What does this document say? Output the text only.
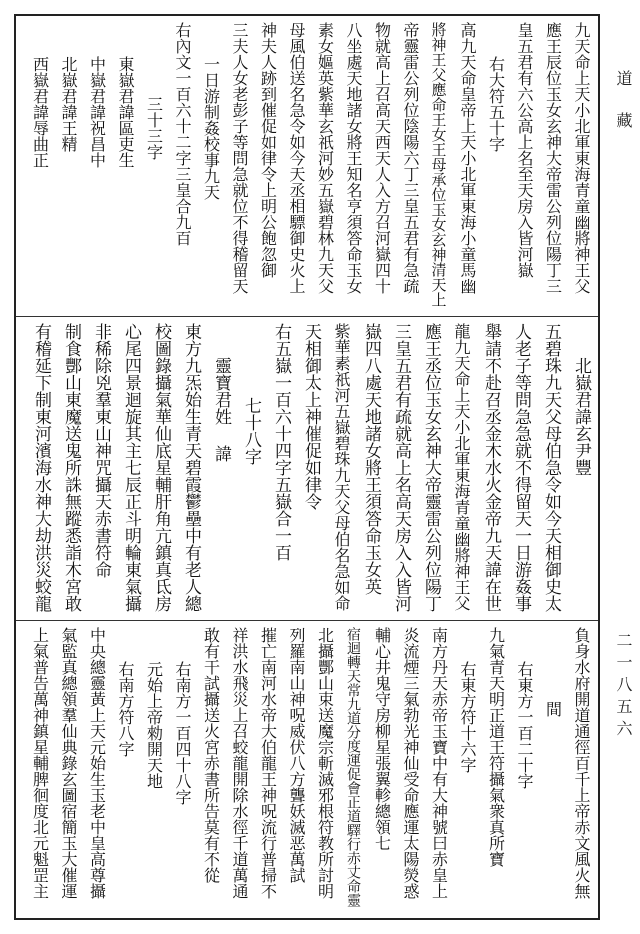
九天命上天小北軍東海青童幽將神王父
應王辰位玉女玄神大帝雷公列位陽丁三
皇五君有六公高上名至天房入皆河嶽
右大符五十字
高九天命皇帝上天小北軍東海小童馬幽
將神王父應命王女王母承位玉女玄神清天上
帝靈雷公列位陰陽六丁三皇五君有急疏
物就高上召高天西天人入方召河嶽四十
八坐處天地諸女將王知名亨須答命玉女
素女嫗英紫華玄祇河妙五嶽碧林九天父
母風伯送名急令如今天丞相驃御史火上
神夫人跡到催促如律令上明公飽忽御
三夫人女老彭子等問急就位不得稽留天
一日游制姦校事九天
右內文一百六十二字三皇合九百
三十三字
東嶽君諱區吏生
中嶽君諱祝昌中
北嶽君諱王精
西嶽君諱辱曲正
北嶽君諱玄尹豐
五碧珠九天父母伯急令如今天相御史太
人老子等問急急就不得留天一日游姦事
舉請不赴召丞金木水火金帝九天諱在世
龍九天命上天小北軍東海青童幽將神王父
應王丞位玉女玄神大帝靈雷公列位陽丁
三皇五君有疏就高上名高天房入入皆河
嶽四八處天地諸女將王須答命玉女英
紫華素祇河五嶽碧珠九天父母伯名急如命
天相御太上神催促如律令
右五嶽一百六十四字五嶽合一百
七十八字
靈寶君姓 諱
東方九炁始生青天碧霞鬱壘中有老人總
校圖錄攝氣華仙底星輔肝角亢鎮真氐房
心尾四景迴旋其主七辰正斗明輪東氣攝
非稀除兇羣東山神咒攝天赤書符命
制食酆山東魔送鬼所誅無蹤悉詣木宮敢
有稽延下制東河濱海水神大劫洪災蛟龍
負身水府開道通徑百千上帝赤文風火無
間
右東方一百二十字
九氣青天明正道王符攝氣衆真所寶
右東方符十六字
南方丹天赤帝玉寶中有大神號曰赤皇上
炎流煙三氣勃光神仙受命應運太陽熒惑
輔心井鬼守房柳星張翼軫總領七
宿迴轉天常九道分度運促會正道驛行赤丈命靈
北攝酆山束送魔宗斬滅邪根符教所討明
列羅南山神呪威伏八方聾妖滅恶萬試
摧亡南河水帝大伯龍王神呪流行普掃不
祥洪水飛災上召蛟龍開除水徑千道萬通
敢有干試攝送火宮赤書所告莫有不從
右南方一百四十八字
元始上帝勑開天地
右南方符八字
中央總靈黃上天元始生玉老中皇高尊攝
氣監真總領羣仙典錄玄圖宿簡玉大催運
上氣普告萬神鎮星輔脾徊度北元魁罡主
道藏
二一八五六
